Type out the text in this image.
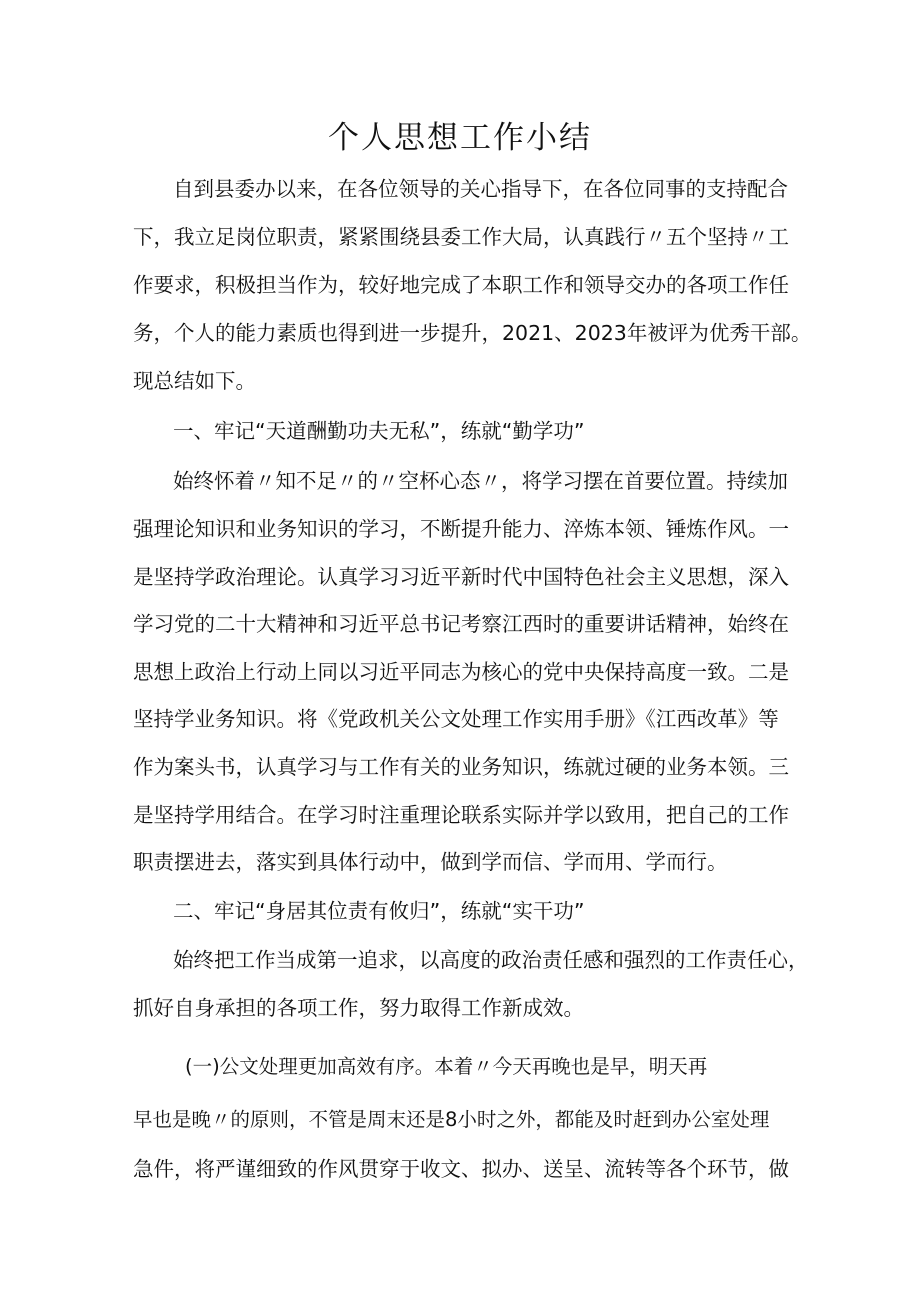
个人思想工作小结
自到县委办以来，在各位领导的关心指导下，在各位同事的支持配合
下，我立足岗位职责，紧紧围绕县委工作大局，认真践行〃五个坚持〃工
作要求，积极担当作为，较好地完成了本职工作和领导交办的各项工作任
务，个人的能力素质也得到进一步提升，2021、2023年被评为优秀干部。
现总结如下。
一、牢记“天道酬勤功夫无私”，练就“勤学功”
始终怀着〃知不足〃的〃空杯心态〃，将学习摆在首要位置。持续加
强理论知识和业务知识的学习，不断提升能力、淬炼本领、锤炼作风。一
是坚持学政治理论。认真学习习近平新时代中国特色社会主义思想，深入
学习党的二十大精神和习近平总书记考察江西时的重要讲话精神，始终在
思想上政治上行动上同以习近平同志为核心的党中央保持高度一致。二是
坚持学业务知识。将《党政机关公文处理工作实用手册》《江西改革》等
作为案头书，认真学习与工作有关的业务知识，练就过硬的业务本领。三
是坚持学用结合。在学习时注重理论联系实际并学以致用，把自己的工作
职责摆进去，落实到具体行动中，做到学而信、学而用、学而行。
二、牢记“身居其位责有攸归”，练就“实干功”
始终把工作当成第一追求，以高度的政治责任感和强烈的工作责任心，
抓好自身承担的各项工作，努力取得工作新成效。
(一)公文处理更加高效有序。本着〃今天再晚也是早，明天再
早也是晚〃的原则，不管是周末还是8小时之外，都能及时赶到办公室处理
急件，将严谨细致的作风贯穿于收文、拟办、送呈、流转等各个环节，做
